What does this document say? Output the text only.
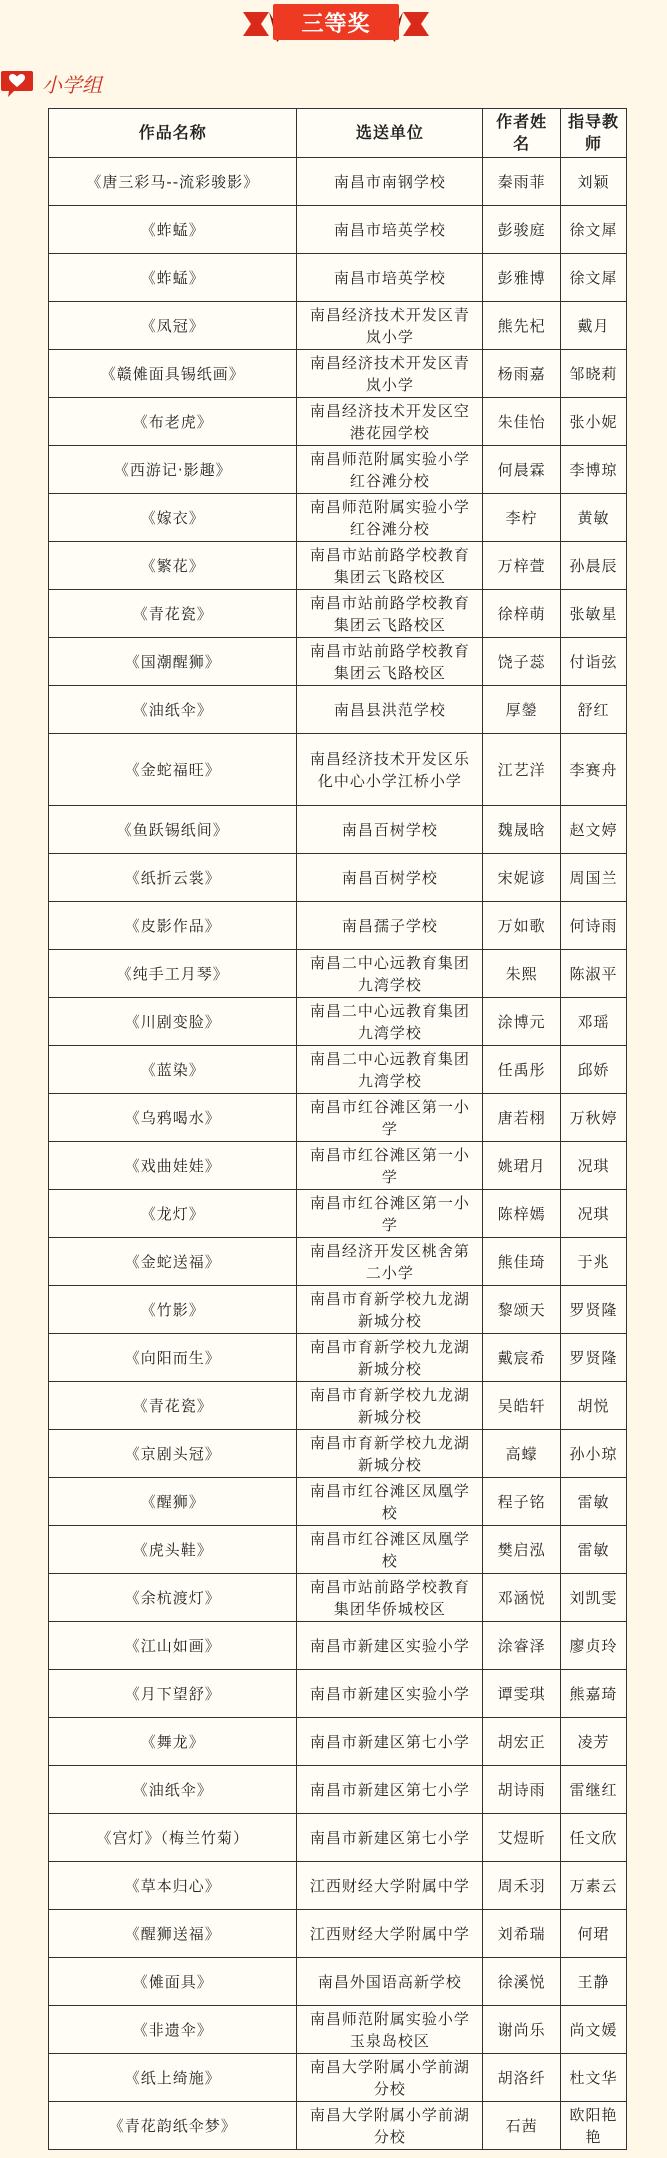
三等奖
小学组
作品名称	选送单位	作者姓名	指导教师
《唐三彩马--流彩骏影》	南昌市南钢学校	秦雨菲	刘颖
《蚱蜢》	南昌市培英学校	彭骏庭	徐文犀
《蚱蜢》	南昌市培英学校	彭雅博	徐文犀
《凤冠》	南昌经济技术开发区青岚小学	熊先杞	戴月
《赣傩面具锡纸画》	南昌经济技术开发区青岚小学	杨雨嘉	邹晓莉
《布老虎》	南昌经济技术开发区空港花园学校	朱佳怡	张小妮
《西游记·影趣》	南昌师范附属实验小学红谷滩分校	何晨霖	李博琼
《嫁衣》	南昌师范附属实验小学红谷滩分校	李柠	黄敏
《繁花》	南昌市站前路学校教育集团云飞路校区	万梓萱	孙晨辰
《青花瓷》	南昌市站前路学校教育集团云飞路校区	徐梓萌	张敏星
《国潮醒狮》	南昌市站前路学校教育集团云飞路校区	饶子蕊	付诣弦
《油纸伞》	南昌县洪范学校	厚鎣	舒红
《金蛇福旺》	南昌经济技术开发区乐化中心小学江桥小学	江艺洋	李赛舟
《鱼跃锡纸间》	南昌百树学校	魏晟晗	赵文婷
《纸折云裳》	南昌百树学校	宋妮谚	周国兰
《皮影作品》	南昌孺子学校	万如歌	何诗雨
《纯手工月琴》	南昌二中心远教育集团九湾学校	朱熙	陈淑平
《川剧变脸》	南昌二中心远教育集团九湾学校	涂博元	邓瑶
《蓝染》	南昌二中心远教育集团九湾学校	任禹彤	邱娇
《乌鸦喝水》	南昌市红谷滩区第一小学	唐若栩	万秋婷
《戏曲娃娃》	南昌市红谷滩区第一小学	姚珺月	况琪
《龙灯》	南昌市红谷滩区第一小学	陈梓嫣	况琪
《金蛇送福》	南昌经济开发区桃舍第二小学	熊佳琦	于兆
《竹影》	南昌市育新学校九龙湖新城分校	黎颂天	罗贤隆
《向阳而生》	南昌市育新学校九龙湖新城分校	戴宸希	罗贤隆
《青花瓷》	南昌市育新学校九龙湖新城分校	吴皓轩	胡悦
《京剧头冠》	南昌市育新学校九龙湖新城分校	高蠓	孙小琼
《醒狮》	南昌市红谷滩区凤凰学校	程子铭	雷敏
《虎头鞋》	南昌市红谷滩区凤凰学校	樊启泓	雷敏
《余杭渡灯》	南昌市站前路学校教育集团华侨城校区	邓涵悦	刘凯雯
《江山如画》	南昌市新建区实验小学	涂睿泽	廖贞玲
《月下望舒》	南昌市新建区实验小学	谭雯琪	熊嘉琦
《舞龙》	南昌市新建区第七小学	胡宏正	凌芳
《油纸伞》	南昌市新建区第七小学	胡诗雨	雷继红
《宫灯》（梅兰竹菊）	南昌市新建区第七小学	艾煜昕	任文欣
《草本归心》	江西财经大学附属中学	周禾羽	万素云
《醒狮送福》	江西财经大学附属中学	刘希瑞	何珺
《傩面具》	南昌外国语高新学校	徐溪悦	王静
《非遗伞》	南昌师范附属实验小学玉泉岛校区	谢尚乐	尚文媛
《纸上绮施》	南昌大学附属小学前湖分校	胡洛纤	杜文华
《青花韵纸伞梦》	南昌大学附属小学前湖分校	石茜	欧阳艳艳
